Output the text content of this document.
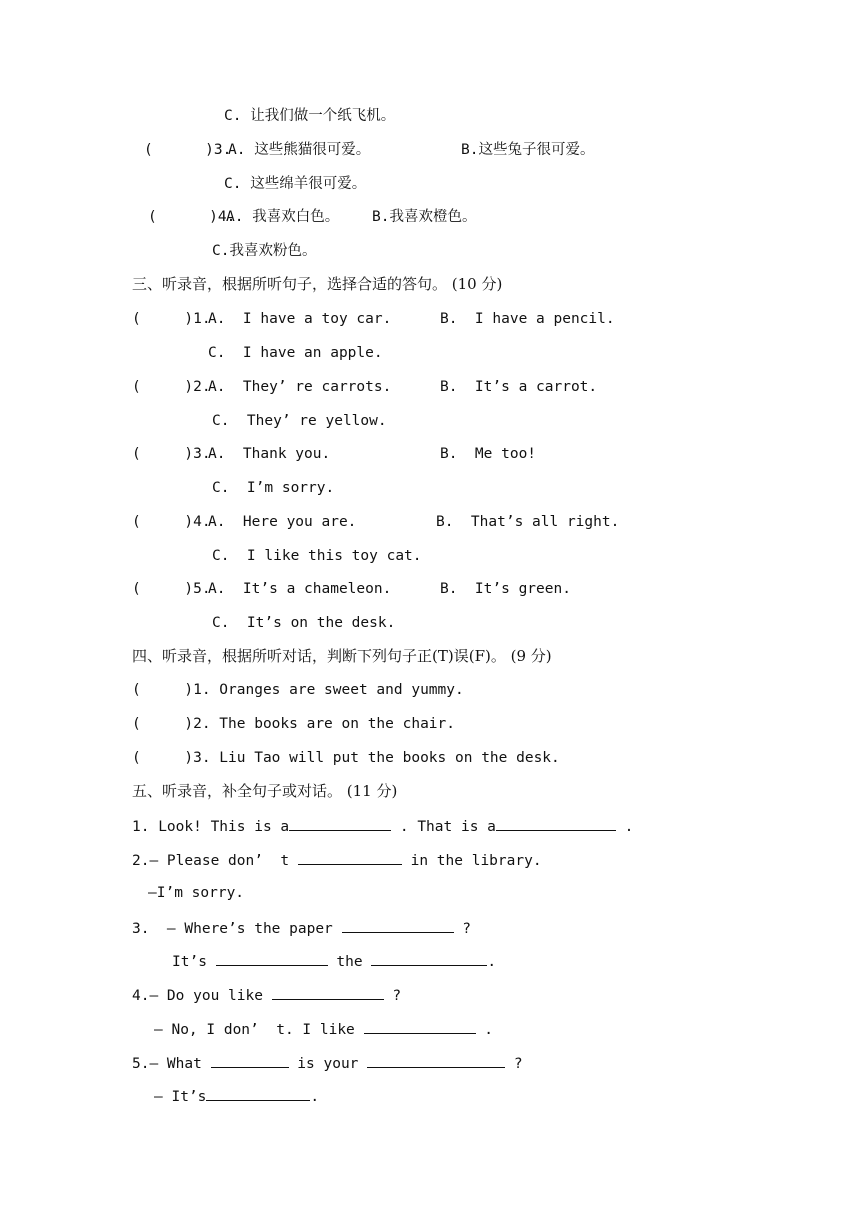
C. 让我们做一个纸飞机。
(      )3.
A. 这些熊猫很可爱。	B.这些兔子很可爱。
C. 这些绵羊很可爱。
(      )4.
A. 我喜欢白色。 B.我喜欢橙色。
C.我喜欢粉色。
三、听录音，根据所听句子，选择合适的答句。 (10 分)
(     )1.
A.  I have a toy car.	B.  I have a pencil.
C.  I have an apple.
(     )2.
A.  They’ re carrots.	B.  It’s a carrot.
C.  They’ re yellow.
(     )3.
A.  Thank you.	B.  Me too!
C.  I’m sorry.
(     )4.
A.  Here you are.	B.  That’s all right.
C.  I like this toy cat.
(     )5.
A.  It’s a chameleon.	B.  It’s green.
C.  It’s on the desk.
四、听录音，根据所听对话，判断下列句子正(T)误(F)。 (9 分)
(     )1. Oranges are sweet and yummy.
(     )2. The books are on the chair.
(     )3. Liu Tao will put the books on the desk.
五、听录音，补全句子或对话。 (11 分)
1. Look! This is a	. That is a	.
2.— Please don’  t	in the library.
—I’m sorry.
3.  — Where’s the paper	?
It’s	the	.
4.— Do you like	?
— No, I don’  t. I like	.
5.— What	is your	?
— It’s	.
